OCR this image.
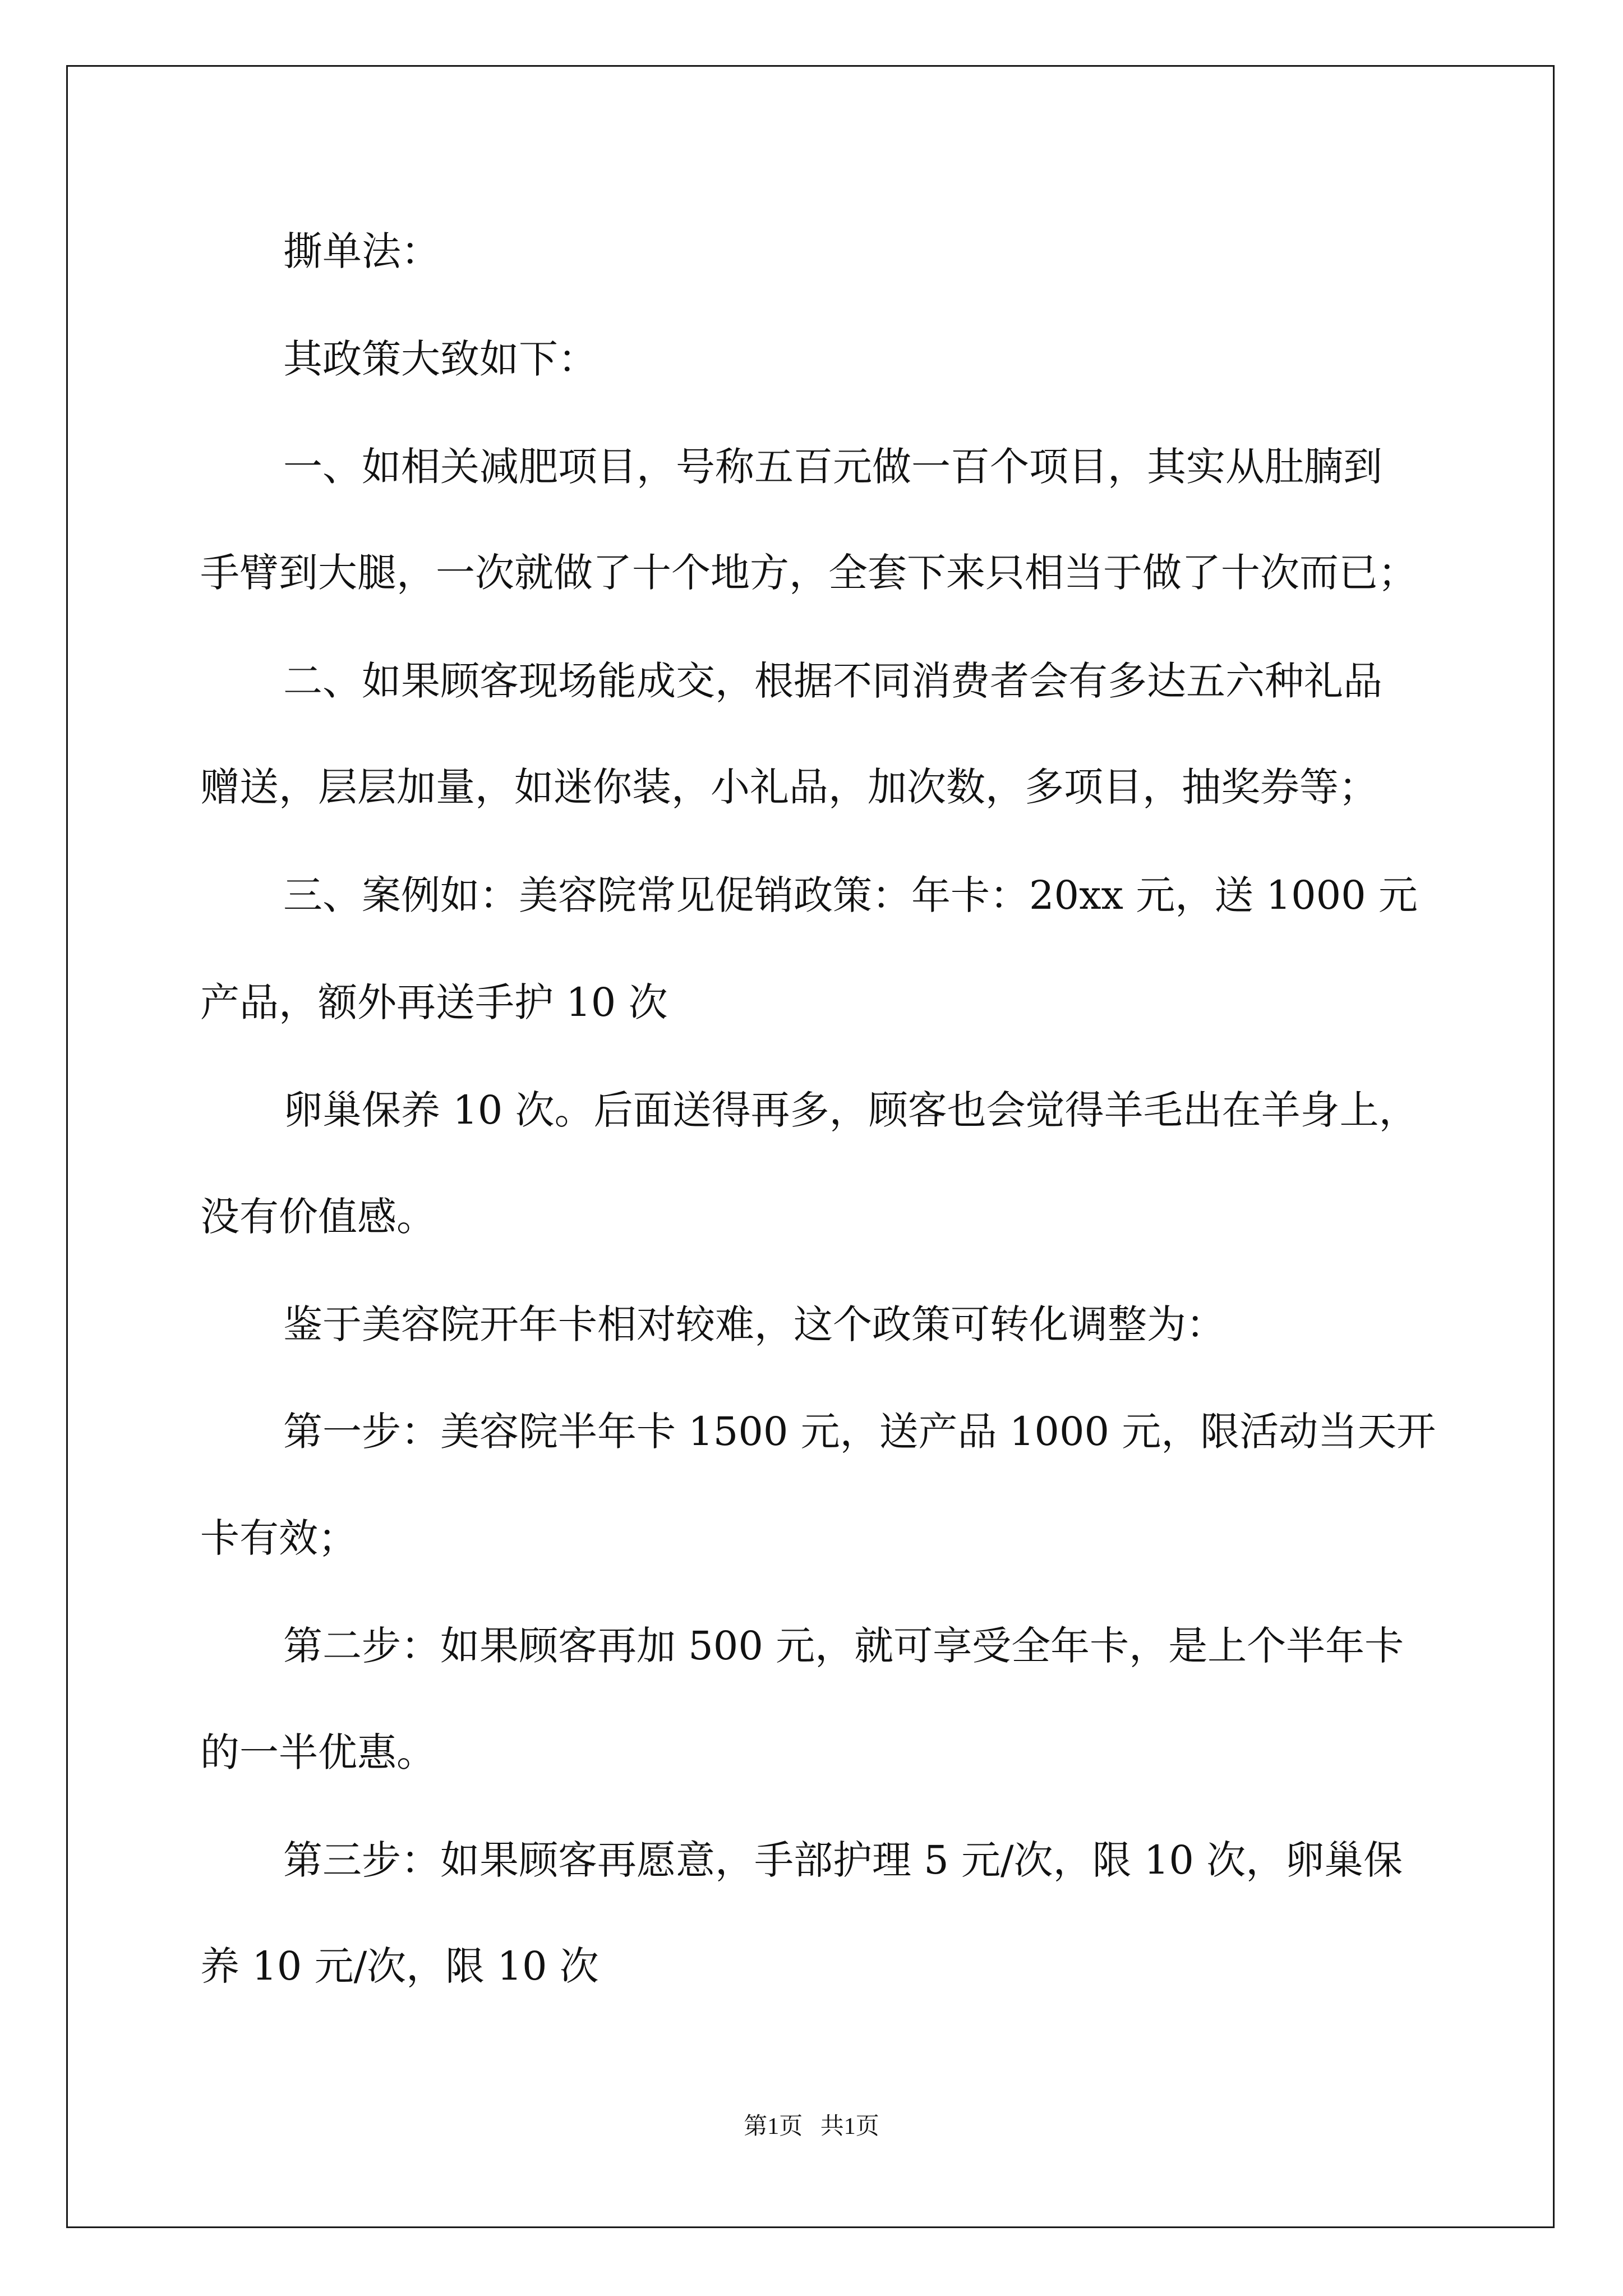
撕单法：

其政策大致如下：

一、如相关减肥项目，号称五百元做一百个项目，其实从肚腩到

手臂到大腿，一次就做了十个地方，全套下来只相当于做了十次而已；

二、如果顾客现场能成交，根据不同消费者会有多达五六种礼品

赠送，层层加量，如迷你装，小礼品，加次数，多项目，抽奖券等；

三、案例如：美容院常见促销政策：年卡：20xx 元，送 1000 元

产品，额外再送手护 10 次

卵巢保养 10 次。后面送得再多，顾客也会觉得羊毛出在羊身上，

没有价值感。

鉴于美容院开年卡相对较难，这个政策可转化调整为：

第一步：美容院半年卡 1500 元，送产品 1000 元，限活动当天开

卡有效；

第二步：如果顾客再加 500 元，就可享受全年卡，是上个半年卡

的一半优惠。

第三步：如果顾客再愿意，手部护理 5 元/次，限 10 次，卵巢保

养 10 元/次，限 10 次

第1页   共1页
